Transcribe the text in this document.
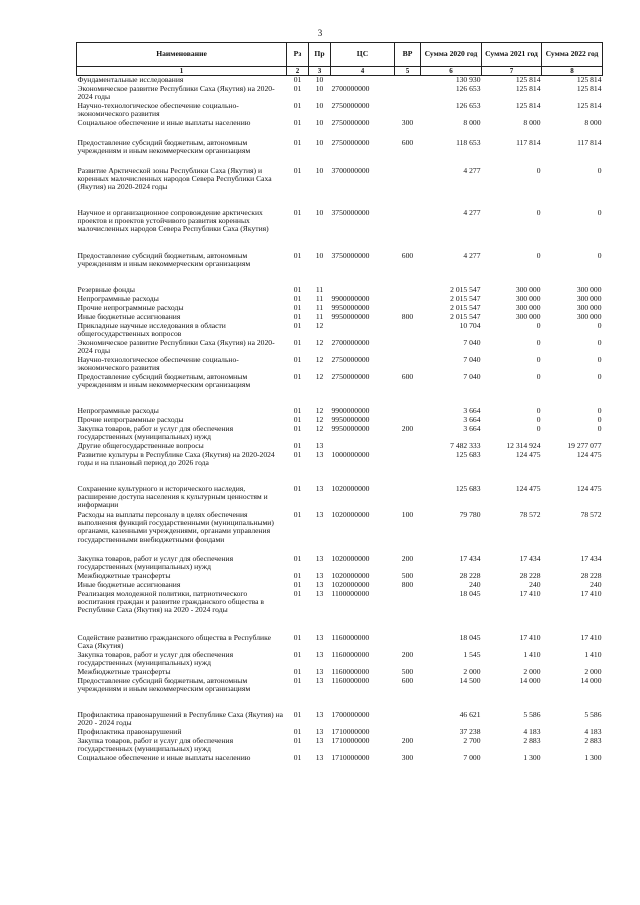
3
Наименование	Рз	Пр	ЦС	ВР	Сумма 2020 год	Сумма 2021 год	Сумма 2022 год
1	2	3	4	5	6	7	8
Фундаментальные исследования	01	10			130 930	125 814	125 814
Экономическое развитие Республики Саха (Якутия) на 2020-2024 годы	01	10	2700000000		126 653	125 814	125 814
Научно-технологическое обеспечение социально-экономического развития	01	10	2750000000		126 653	125 814	125 814
Социальное обеспечение и иные выплаты населению	01	10	2750000000	300	8 000	8 000	8 000
Предоставление субсидий бюджетным, автономным учреждениям и иным некоммерческим организациям	01	10	2750000000	600	118 653	117 814	117 814
Развитие Арктической зоны Республики Саха (Якутия) и коренных малочисленных народов Севера Республики Саха (Якутия) на 2020-2024 годы	01	10	3700000000		4 277	0	0
Научное и организационное сопровождение арктических проектов и проектов устойчивого развития коренных малочисленных народов Севера Республики Саха (Якутия)	01	10	3750000000		4 277	0	0
Предоставление субсидий бюджетным, автономным учреждениям и иным некоммерческим организациям	01	10	3750000000	600	4 277	0	0
Резервные фонды	01	11			2 015 547	300 000	300 000
Непрограммные расходы	01	11	9900000000		2 015 547	300 000	300 000
Прочие непрограммные расходы	01	11	9950000000		2 015 547	300 000	300 000
Иные бюджетные ассигнования	01	11	9950000000	800	2 015 547	300 000	300 000
Прикладные научные исследования в области общегосударственных вопросов	01	12			10 704	0	0
Экономическое развитие Республики Саха (Якутия) на 2020-2024 годы	01	12	2700000000		7 040	0	0
Научно-технологическое обеспечение социально-экономического развития	01	12	2750000000		7 040	0	0
Предоставление субсидий бюджетным, автономным учреждениям и иным некоммерческим организациям	01	12	2750000000	600	7 040	0	0
Непрограммные расходы	01	12	9900000000		3 664	0	0
Прочие непрограммные расходы	01	12	9950000000		3 664	0	0
Закупка товаров, работ и услуг для обеспечения государственных (муниципальных) нужд	01	12	9950000000	200	3 664	0	0
Другие общегосударственные вопросы	01	13			7 482 333	12 314 924	19 277 077
Развитие культуры в Республике Саха (Якутия) на 2020-2024 годы и на плановый период до 2026 года	01	13	1000000000		125 683	124 475	124 475
Сохранение культурного и исторического наследия, расширение доступа населения к культурным ценностям и информации	01	13	1020000000		125 683	124 475	124 475
Расходы на выплаты персоналу в целях обеспечения выполнения функций государственными (муниципальными) органами, казенными учреждениями, органами управления государственными внебюджетными фондами	01	13	1020000000	100	79 780	78 572	78 572
Закупка товаров, работ и услуг для обеспечения государственных (муниципальных) нужд	01	13	1020000000	200	17 434	17 434	17 434
Межбюджетные трансферты	01	13	1020000000	500	28 228	28 228	28 228
Иные бюджетные ассигнования	01	13	1020000000	800	240	240	240
Реализация молодежной политики, патриотического воспитания граждан и развитие гражданского общества в Республике Саха (Якутия) на 2020 - 2024 годы	01	13	1100000000		18 045	17 410	17 410
Содействие развитию гражданского общества в Республике Саха (Якутия)	01	13	1160000000		18 045	17 410	17 410
Закупка товаров, работ и услуг для обеспечения государственных (муниципальных) нужд	01	13	1160000000	200	1 545	1 410	1 410
Межбюджетные трансферты	01	13	1160000000	500	2 000	2 000	2 000
Предоставление субсидий бюджетным, автономным учреждениям и иным некоммерческим организациям	01	13	1160000000	600	14 500	14 000	14 000
Профилактика правонарушений в Республике Саха (Якутия) на 2020 - 2024 годы	01	13	1700000000		46 621	5 586	5 586
Профилактика правонарушений	01	13	1710000000		37 238	4 183	4 183
Закупка товаров, работ и услуг для обеспечения государственных (муниципальных) нужд	01	13	1710000000	200	2 700	2 883	2 883
Социальное обеспечение и иные выплаты населению	01	13	1710000000	300	7 000	1 300	1 300
